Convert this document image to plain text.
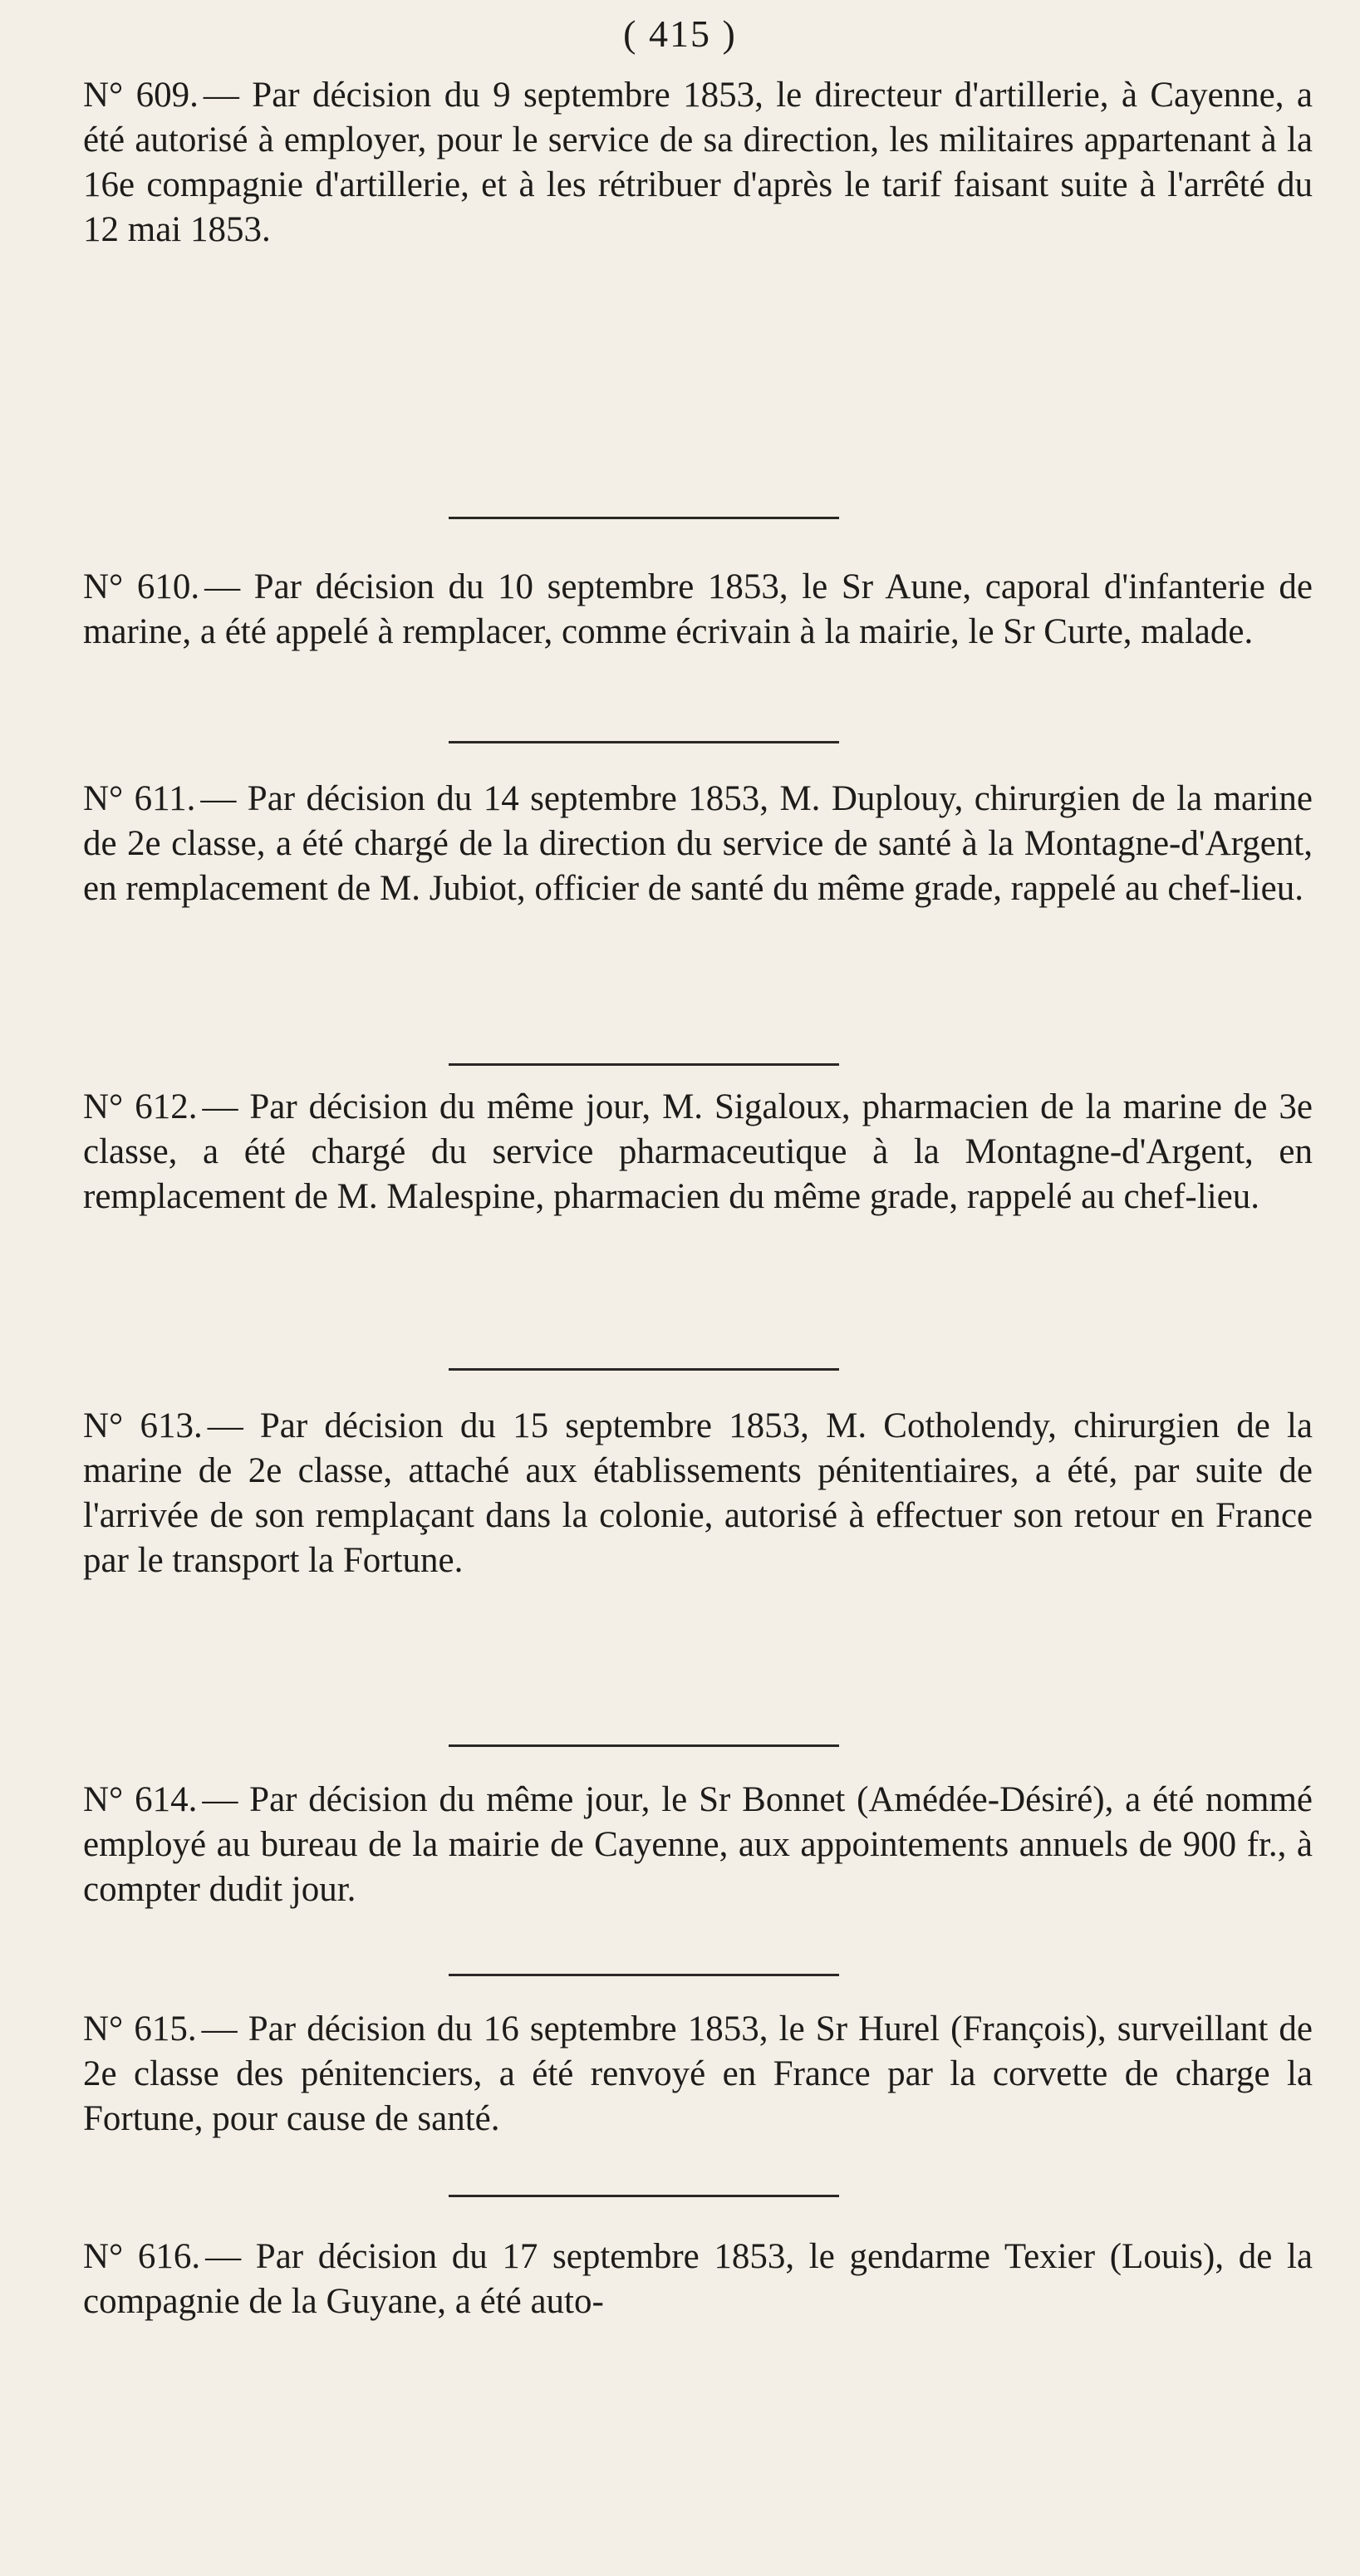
( 415 )

N° 609. — Par décision du 9 septembre 1853, le directeur d'artillerie, à Cayenne, a été autorisé à employer, pour le service de sa direction, les militaires appartenant à la 16e compagnie d'artillerie, et à les rétribuer d'après le tarif faisant suite à l'arrêté du 12 mai 1853.

N° 610. — Par décision du 10 septembre 1853, le Sr Aune, caporal d'infanterie de marine, a été appelé à remplacer, comme écrivain à la mairie, le Sr Curte, malade.

N° 611. — Par décision du 14 septembre 1853, M. Duplouy, chirurgien de la marine de 2e classe, a été chargé de la direction du service de santé à la Montagne-d'Argent, en remplacement de M. Jubiot, officier de santé du même grade, rappelé au chef-lieu.

N° 612. — Par décision du même jour, M. Sigaloux, pharmacien de la marine de 3e classe, a été chargé du service pharmaceutique à la Montagne-d'Argent, en remplacement de M. Malespine, pharmacien du même grade, rappelé au chef-lieu.

N° 613. — Par décision du 15 septembre 1853, M. Cotholendy, chirurgien de la marine de 2e classe, attaché aux établissements pénitentiaires, a été, par suite de l'arrivée de son remplaçant dans la colonie, autorisé à effectuer son retour en France par le transport la Fortune.

N° 614. — Par décision du même jour, le Sr Bonnet (Amédée-Désiré), a été nommé employé au bureau de la mairie de Cayenne, aux appointements annuels de 900 fr., à compter dudit jour.

N° 615. — Par décision du 16 septembre 1853, le Sr Hurel (François), surveillant de 2e classe des pénitenciers, a été renvoyé en France par la corvette de charge la Fortune, pour cause de santé.

N° 616. — Par décision du 17 septembre 1853, le gendarme Texier (Louis), de la compagnie de la Guyane, a été auto-
